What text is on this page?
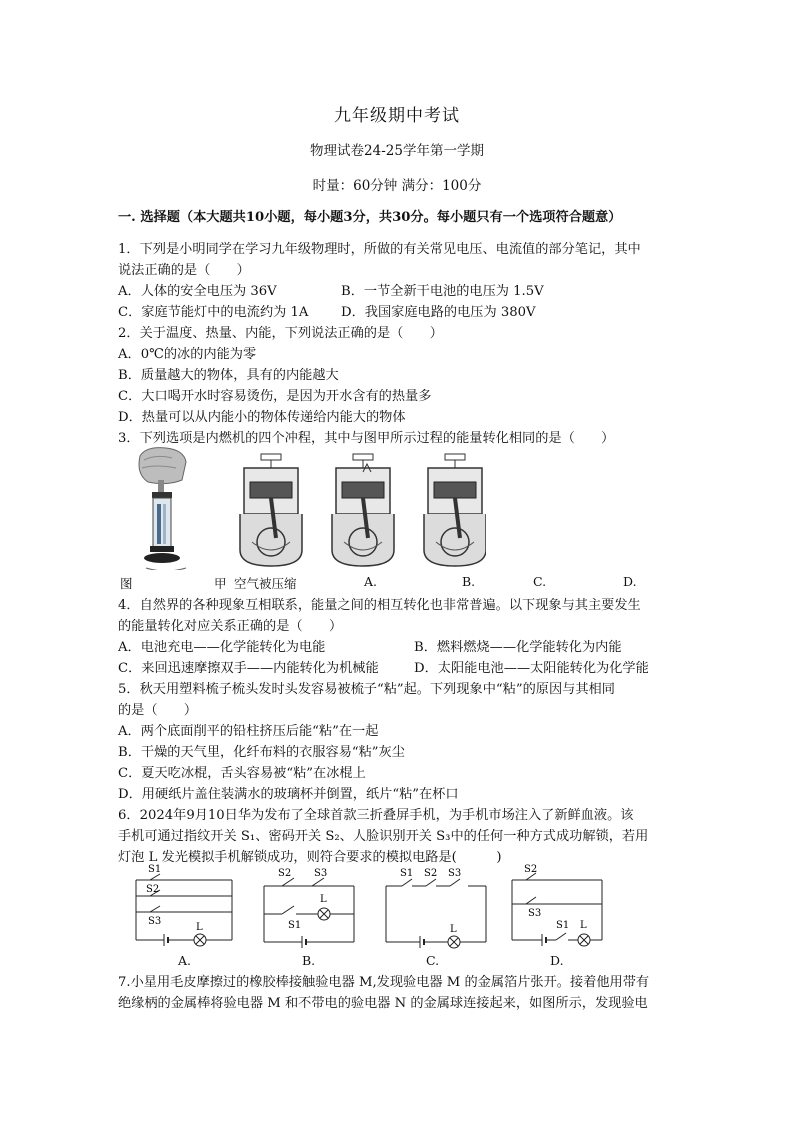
九年级期中考试
物理试卷24-25学年第一学期
时量：60分钟 满分：100分
一. 选择题（本大题共10小题，每小题3分，共30分。每小题只有一个选项符合题意）
1．下列是小明同学在学习九年级物理时，所做的有关常见电压、电流值的部分笔记，其中
说法正确的是（　　）
A．人体的安全电压为 36V	B．一节全新干电池的电压为 1.5V
C．家庭节能灯中的电流约为 1A D．我国家庭电路的电压为 380V
2．关于温度、热量、内能，下列说法正确的是（　　）
A．0℃的冰的内能为零
B．质量越大的物体，具有的内能越大
C．大口喝开水时容易烫伤，是因为开水含有的热量多
D．热量可以从内能小的物体传递给内能大的物体
3．下列选项是内燃机的四个冲程，其中与图甲所示过程的能量转化相同的是（　　）
图	甲 空气被压缩	A.	B.	C.	D.
4．自然界的各种现象互相联系，能量之间的相互转化也非常普遍。以下现象与其主要发生
的能量转化对应关系正确的是（　　）
A．电池充电——化学能转化为电能	B．燃料燃烧——化学能转化为内能
C．来回迅速摩擦双手——内能转化为机械能	D．太阳能电池——太阳能转化为化学能
5．秋天用塑料梳子梳头发时头发容易被梳子“粘”起。下列现象中“粘”的原因与其相同
的是（　　）
A．两个底面削平的铅柱挤压后能“粘”在一起
B．干燥的天气里，化纤布料的衣服容易“粘”灰尘
C．夏天吃冰棍，舌头容易被“粘”在冰棍上
D．用硬纸片盖住装满水的玻璃杯并倒置，纸片“粘”在杯口
6．2024年9月10日华为发布了全球首款三折叠屏手机，为手机市场注入了新鲜血液。该
手机可通过指纹开关 S₁、密码开关 S₂、人脸识别开关 S₃中的任何一种方式成功解锁，若用
灯泡 L 发光模拟手机解锁成功，则符合要求的模拟电路是(　　　)
S1
S2
S3
L
S2 S3
S1
L
S1 S2 S3
L
S2
S3
S1 L
A.	B.	C.	D.
7.小星用毛皮摩擦过的橡胶棒接触验电器 M,发现验电器 M 的金属箔片张开。接着他用带有
绝缘柄的金属棒将验电器 M 和不带电的验电器 N 的金属球连接起来，如图所示，发现验电
